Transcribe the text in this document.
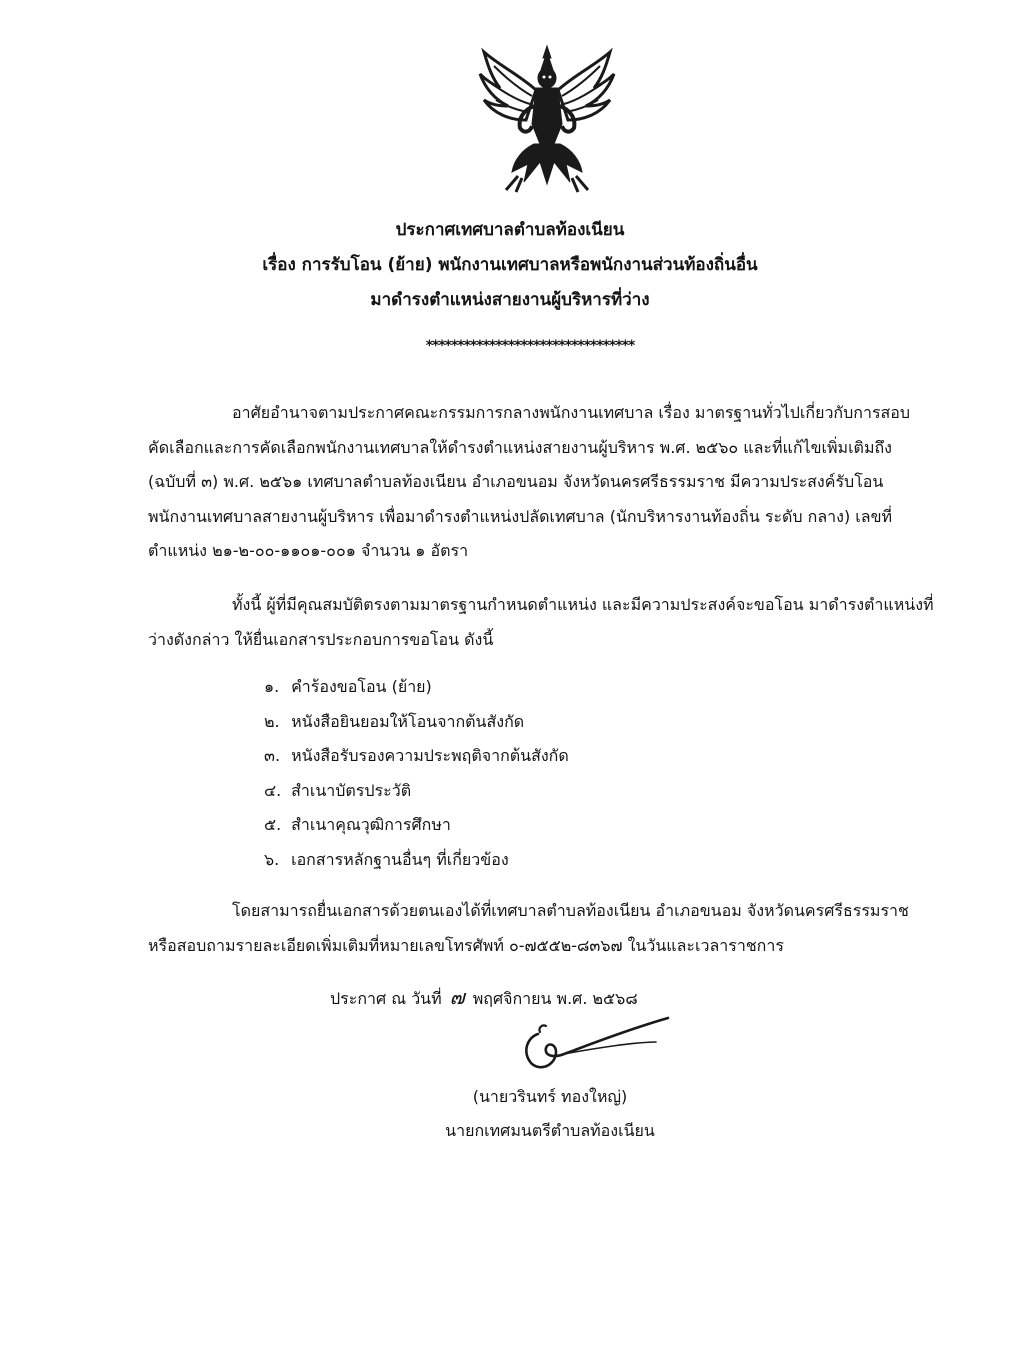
ประกาศเทศบาลตำบลท้องเนียน
เรื่อง การรับโอน (ย้าย) พนักงานเทศบาลหรือพนักงานส่วนท้องถิ่นอื่น
มาดำรงตำแหน่งสายงานผู้บริหารที่ว่าง
*********************************
อาศัยอำนาจตามประกาศคณะกรรมการกลางพนักงานเทศบาล เรื่อง มาตรฐานทั่วไปเกี่ยวกับการสอบ
คัดเลือกและการคัดเลือกพนักงานเทศบาลให้ดำรงตำแหน่งสายงานผู้บริหาร พ.ศ. ๒๕๖๐ และที่แก้ไขเพิ่มเติมถึง
(ฉบับที่ ๓) พ.ศ. ๒๕๖๑ เทศบาลตำบลท้องเนียน อำเภอขนอม จังหวัดนครศรีธรรมราช มีความประสงค์รับโอน
พนักงานเทศบาลสายงานผู้บริหาร เพื่อมาดำรงตำแหน่งปลัดเทศบาล (นักบริหารงานท้องถิ่น ระดับ กลาง) เลขที่
ตำแหน่ง ๒๑-๒-๐๐-๑๑๐๑-๐๐๑ จำนวน ๑ อัตรา
ทั้งนี้ ผู้ที่มีคุณสมบัติตรงตามมาตรฐานกำหนดตำแหน่ง และมีความประสงค์จะขอโอน มาดำรงตำแหน่งที่
ว่างดังกล่าว ให้ยื่นเอกสารประกอบการขอโอน ดังนี้
๑. คำร้องขอโอน (ย้าย)
๒. หนังสือยินยอมให้โอนจากต้นสังกัด
๓. หนังสือรับรองความประพฤติจากต้นสังกัด
๔. สำเนาบัตรประวัติ
๕. สำเนาคุณวุฒิการศึกษา
๖. เอกสารหลักฐานอื่นๆ ที่เกี่ยวข้อง
โดยสามารถยื่นเอกสารด้วยตนเองได้ที่เทศบาลตำบลท้องเนียน อำเภอขนอม จังหวัดนครศรีธรรมราช
หรือสอบถามรายละเอียดเพิ่มเติมที่หมายเลขโทรศัพท์ ๐-๗๕๕๒-๘๓๖๗ ในวันและเวลาราชการ
ประกาศ ณ วันที่ ๗ พฤศจิกายน พ.ศ. ๒๕๖๘
(นายวรินทร์ ทองใหญ่)
นายกเทศมนตรีตำบลท้องเนียน
